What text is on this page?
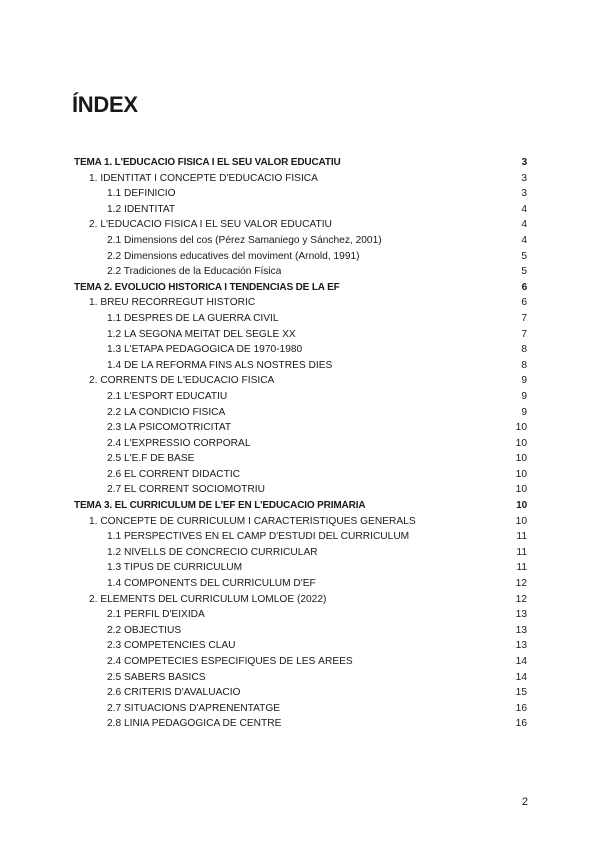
ÍNDEX
TEMA 1. L'EDUCACIÓ FÍSICA I EL SEU VALOR EDUCATIU	3
1. IDENTITAT I CONCEPTE D'EDUCACIÓ FÍSICA	3
1.1 DEFINICIÓ	3
1.2 IDENTITAT	4
2. L'EDUCACIÓ FÍSICA I EL SEU VALOR EDUCATIU	4
2.1 Dimensions del cos (Pérez Samaniego y Sánchez, 2001)	4
2.2 Dimensions educatives del moviment (Arnold, 1991)	5
2.2 Tradiciones de la Educación Física	5
TEMA 2. EVOLUCIÓ HISTÒRICA I TENDENCIAS DE LA EF	6
1. BREU RECORREGUT HISTÒRIC	6
1.1 DESPRÉS DE LA GUERRA CIVIL	7
1.2 LA SEGONA MEITAT DEL SEGLE XX	7
1.3 L'ETAPA PEDAGÒGICA DE 1970-1980	8
1.4 DE LA REFORMA FINS ALS NOSTRES DIES	8
2. CORRENTS DE L'EDUCACIÓ FÍSICA	9
2.1 L'ESPORT EDUCATIU	9
2.2 LA CONDICIÓ FÍSICA	9
2.3 LA PSICOMOTRICITAT	10
2.4 L'EXPRESSIÓ CORPORAL	10
2.5 L'E.F DE BASE	10
2.6 EL CORRENT DIDÀCTIC	10
2.7 EL CORRENT SOCIOMOTRIU	10
TEMA 3. EL CURRICULUM DE L'EF EN L'EDUCACIÓ PRIMÀRIA	10
1. CONCEPTE DE CURRÍCULUM I CARACTERÍSTIQUES GENERALS	10
1.1 PERSPECTIVES EN EL CAMP D'ESTUDI DEL CURRÍCULUM	11
1.2 NIVELLS DE CONCRECIÓ CURRICULAR	11
1.3 TIPUS DE CURRÍCULUM	11
1.4 COMPONENTS DEL CURRÍCULUM D'EF	12
2. ELEMENTS DEL CURRÍCULUM LOMLOE (2022)	12
2.1 PERFIL D'EIXIDA	13
2.2 OBJECTIUS	13
2.3 COMPETÈNCIES CLAU	13
2.4 COMPETÈCIES ESPECÍFIQUES DE LES ÀREES	14
2.5 SABERS BÀSICS	14
2.6 CRITERIS D'AVALUACIÓ	15
2.7 SITUACIONS D'APRENENTATGE	16
2.8 LÍNIA PEDAGÒGICA DE CENTRE	16
2
